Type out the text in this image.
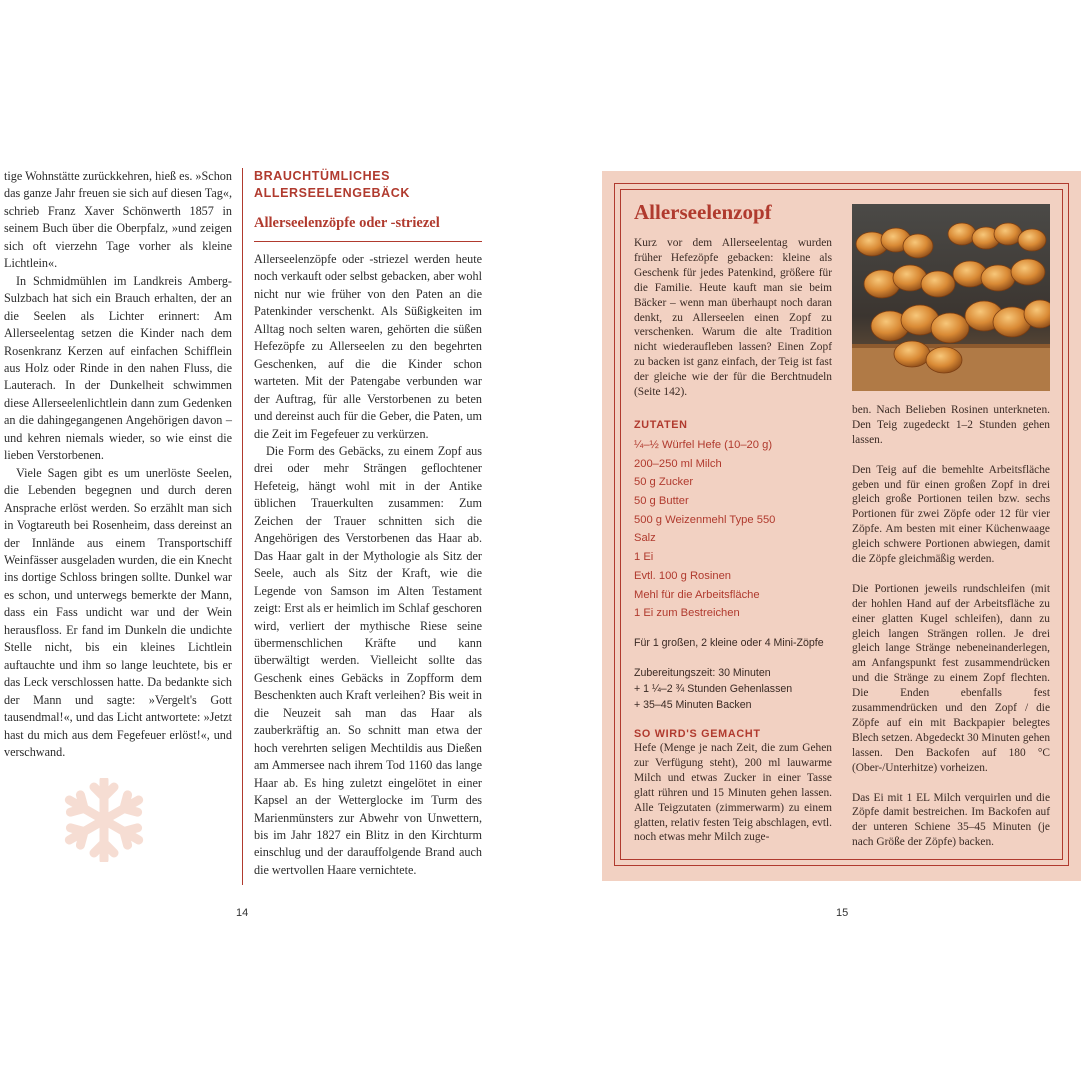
tige Wohnstätte zurückkehren, hieß es. »Schon das ganze Jahr freuen sie sich auf diesen Tag«, schrieb Franz Xaver Schönwerth 1857 in seinem Buch über die Oberpfalz, »und zeigen sich oft vierzehn Tage vorher als kleine Lichtlein«.

In Schmidmühlen im Landkreis Amberg-Sulzbach hat sich ein Brauch erhalten, der an die Seelen als Lichter erinnert: Am Allerseelentag setzen die Kinder nach dem Rosenkranz Kerzen auf einfachen Schifflein aus Holz oder Rinde in den nahen Fluss, die Lauterach. In der Dunkelheit schwimmen diese Allerseelenlichtlein dann zum Gedenken an die dahingegangenen Angehörigen davon – und kehren niemals wieder, so wie einst die lieben Verstorbenen.

Viele Sagen gibt es um unerlöste Seelen, die Lebenden begegnen und durch deren Ansprache erlöst werden. So erzählt man sich in Vogtareuth bei Rosenheim, dass dereinst an der Innlände aus einem Transportschiff Weinfässer ausgeladen wurden, die ein Knecht ins dortige Schloss bringen sollte. Dunkel war es schon, und unterwegs bemerkte der Mann, dass ein Fass undicht war und der Wein herausfloss. Er fand im Dunkeln die undichte Stelle nicht, bis ein kleines Lichtlein auftauchte und ihm so lange leuchtete, bis er das Leck verschlossen hatte. Da bedankte sich der Mann und sagte: »Vergelt's Gott tausendmal!«, und das Licht antwortete: »Jetzt hast du mich aus dem Fegefeuer erlöst!«, und verschwand.

BRAUCHTÜMLICHES ALLERSEELENGEBÄCK
Allerseelenzöpfe oder -striezel

Allerseelenzöpfe oder -striezel werden heute noch verkauft oder selbst gebacken, aber wohl nicht nur wie früher von den Paten an die Patenkinder verschenkt. Als Süßigkeiten im Alltag noch selten waren, gehörten die süßen Hefezöpfe zu Allerseelen zu den begehrten Geschenken, auf die die Kinder schon warteten. Mit der Patengabe verbunden war der Auftrag, für alle Verstorbenen zu beten und dereinst auch für die Geber, die Paten, um die Zeit im Fegefeuer zu verkürzen.

Die Form des Gebäcks, zu einem Zopf aus drei oder mehr Strängen geflochtener Hefeteig, hängt wohl mit in der Antike üblichen Trauerkulten zusammen: Zum Zeichen der Trauer schnitten sich die Angehörigen des Verstorbenen das Haar ab. Das Haar galt in der Mythologie als Sitz der Seele, auch als Sitz der Kraft, wie die Legende von Samson im Alten Testament zeigt: Erst als er heimlich im Schlaf geschoren wird, verliert der mythische Riese seine übermenschlichen Kräfte und kann überwältigt werden. Vielleicht sollte das Geschenk eines Gebäcks in Zopfform dem Beschenkten auch Kraft verleihen? Bis weit in die Neuzeit sah man das Haar als zauberkräftig an. So schnitt man etwa der hoch verehrten seligen Mechtildis aus Dießen am Ammersee nach ihrem Tod 1160 das lange Haar ab. Es hing zuletzt eingelötet in einer Kapsel an der Wetterglocke im Turm des Marienmünsters zur Abwehr von Unwettern, bis im Jahr 1827 ein Blitz in den Kirchturm einschlug und der darauffolgende Brand auch die wertvollen Haare vernichtete.

14
Allerseelenzopf

Kurz vor dem Allerseelentag wurden früher Hefezöpfe gebacken: kleine als Geschenk für jedes Patenkind, größere für die Familie. Heute kauft man sie beim Bäcker – wenn man überhaupt noch daran denkt, zu Allerseelen einen Zopf zu verschenken. Warum die alte Tradition nicht wiederaufleben lassen? Einen Zopf zu backen ist ganz einfach, der Teig ist fast der gleiche wie der für die Berchtnudeln (Seite 142).

ZUTATEN
¼–½ Würfel Hefe (10–20 g)
200–250 ml Milch
50 g Zucker
50 g Butter
500 g Weizenmehl Type 550
Salz
1 Ei
Evtl. 100 g Rosinen
Mehl für die Arbeitsfläche
1 Ei zum Bestreichen

Für 1 großen, 2 kleine oder 4 Mini-Zöpfe

Zubereitungszeit: 30 Minuten

+ 1 ¼–2 ¾ Stunden Gehenlassen

+ 35–45 Minuten Backen

SO WIRD'S GEMACHT

Hefe (Menge je nach Zeit, die zum Gehen zur Verfügung steht), 200 ml lauwarme Milch und etwas Zucker in einer Tasse glatt rühren und 15 Minuten gehen lassen. Alle Teigzutaten (zimmerwarm) zu einem glatten, relativ festen Teig abschlagen, evtl. noch etwas mehr Milch zuge-

ben. Nach Belieben Rosinen unterkneten. Den Teig zugedeckt 1–2 Stunden gehen lassen.

Den Teig auf die bemehlte Arbeitsfläche geben und für einen großen Zopf in drei gleich große Portionen teilen bzw. sechs Portionen für zwei Zöpfe oder 12 für vier Zöpfe. Am besten mit einer Küchenwaage gleich schwere Portionen abwiegen, damit die Zöpfe gleichmäßig werden.

Die Portionen jeweils rundschleifen (mit der hohlen Hand auf der Arbeitsfläche zu einer glatten Kugel schleifen), dann zu gleich langen Strängen rollen. Je drei gleich lange Stränge nebeneinanderlegen, am Anfangspunkt fest zusammendrücken und die Stränge zu einem Zopf flechten. Die Enden ebenfalls fest zusammendrücken und den Zopf / die Zöpfe auf ein mit Backpapier belegtes Blech setzen. Abgedeckt 30 Minuten gehen lassen. Den Backofen auf 180 °C (Ober-/Unterhitze) vorheizen.

Das Ei mit 1 EL Milch verquirlen und die Zöpfe damit bestreichen. Im Backofen auf der unteren Schiene 35–45 Minuten (je nach Größe der Zöpfe) backen.

15
